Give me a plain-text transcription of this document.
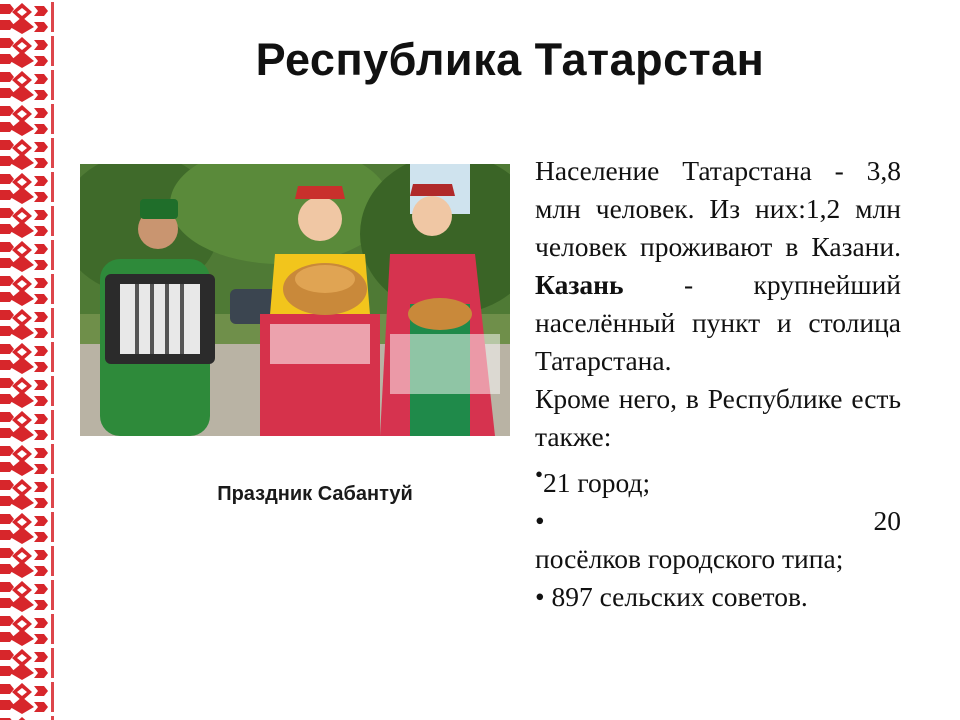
Республика Татарстан
Праздник Сабантуй

Население Татарстана - 3,8 млн человек. Из них:1,2 млн человек проживают в Казани. Казань - крупнейший населённый пункт и столица Татарстана.

Кроме него, в Республике есть также:

•21 город;

•	20

посёлков городского типа;

• 897 сельских советов.
